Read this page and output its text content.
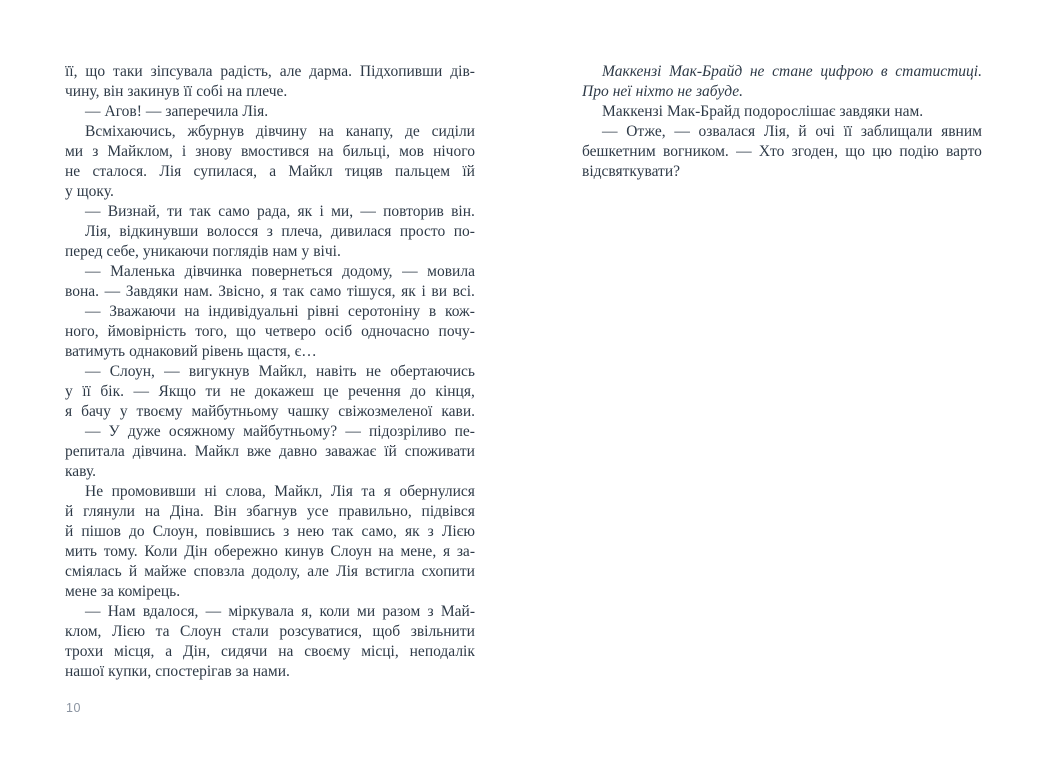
її, що таки зіпсувала радість, але дарма. Підхопивши дів-
чину, він закинув її собі на плече.
— Агов! — заперечила Лія.
Всміхаючись, жбурнув дівчину на канапу, де сиділи
ми з Майклом, і знову вмостився на бильці, мов нічого
не сталося. Лія супилася, а Майкл тицяв пальцем їй
у щоку.
— Визнай, ти так само рада, як і ми, — повторив він.
Лія, відкинувши волосся з плеча, дивилася просто по-
перед себе, уникаючи поглядів нам у вічі.
— Маленька дівчинка повернеться додому, — мовила
вона. — Завдяки нам. Звісно, я так само тішуся, як і ви всі.
— Зважаючи на індивідуальні рівні серотоніну в кож-
ного, ймовірність того, що четверо осіб одночасно почу-
ватимуть однаковий рівень щастя, є…
— Слоун, — вигукнув Майкл, навіть не обертаючись
у її бік. — Якщо ти не докажеш це речення до кінця,
я бачу у твоєму майбутньому чашку свіжозмеленої кави.
— У дуже осяжному майбутньому? — підозріливо пе-
репитала дівчина. Майкл вже давно заважає їй споживати
каву.
Не промовивши ні слова, Майкл, Лія та я обернулися
й глянули на Діна. Він збагнув усе правильно, підвівся
й пішов до Слоун, повівшись з нею так само, як з Лією
мить тому. Коли Дін обережно кинув Слоун на мене, я за-
сміялась й майже сповзла додолу, але Лія встигла схопити
мене за комірець.
— Нам вдалося, — міркувала я, коли ми разом з Май-
клом, Лією та Слоун стали розсуватися, щоб звільнити
трохи місця, а Дін, сидячи на своєму місці, неподалік
нашої купки, спостерігав за нами.
10
Маккензі Мак-Брайд не стане цифрою в статистиці.
Про неї ніхто не забуде.
Маккензі Мак-Брайд подорослішає завдяки нам.
— Отже, — озвалася Лія, й очі її заблищали явним
бешкетним вогником. — Хто згоден, що цю подію варто
відсвяткувати?
